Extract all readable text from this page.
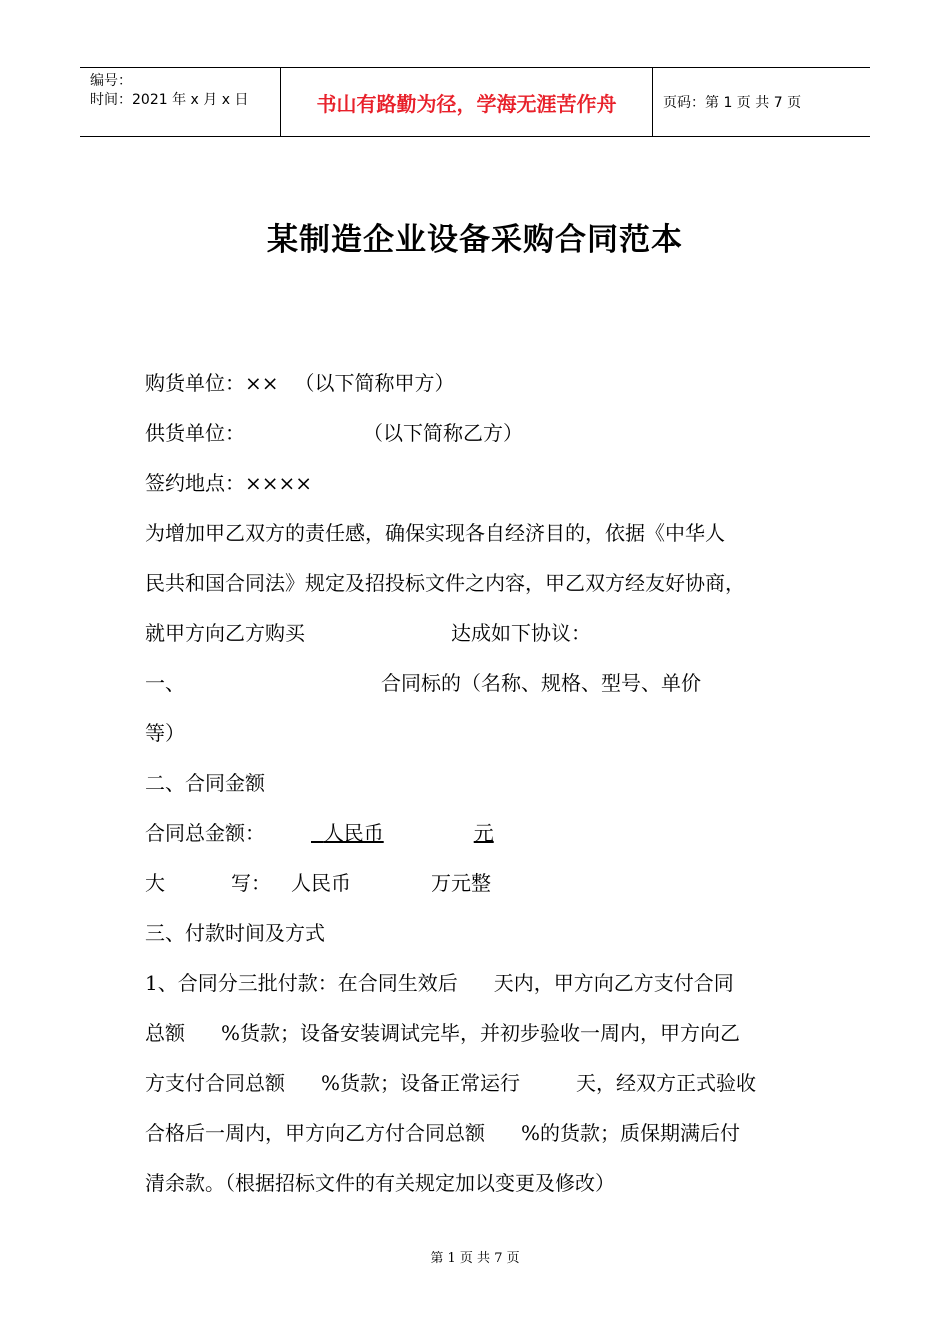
编号：
时间：2021 年 x 月 x 日	书山有路勤为径，学海无涯苦作舟	页码：第 1 页 共 7 页
某制造企业设备采购合同范本
购货单位：×× （以下简称甲方）
供货单位：	（以下简称乙方）
签约地点：××××
为增加甲乙双方的责任感，确保实现各自经济目的，依据《中华人
民共和国合同法》规定及招投标文件之内容，甲乙双方经友好协商，
就甲方向乙方购买	达成如下协议：
一、	合同标的（名称、规格、型号、单价
等）
二、合同金额
合同总金额：	人民币	元
大	写： 人民币	万元整
三、付款时间及方式
1、合同分三批付款：在合同生效后 天内，甲方向乙方支付合同
总额 %货款；设备安装调试完毕，并初步验收一周内，甲方向乙
方支付合同总额 %货款；设备正常运行	天，经双方正式验收
合格后一周内，甲方向乙方付合同总额 %的货款；质保期满后付
清余款。（根据招标文件的有关规定加以变更及修改）
第 1 页 共 7 页
